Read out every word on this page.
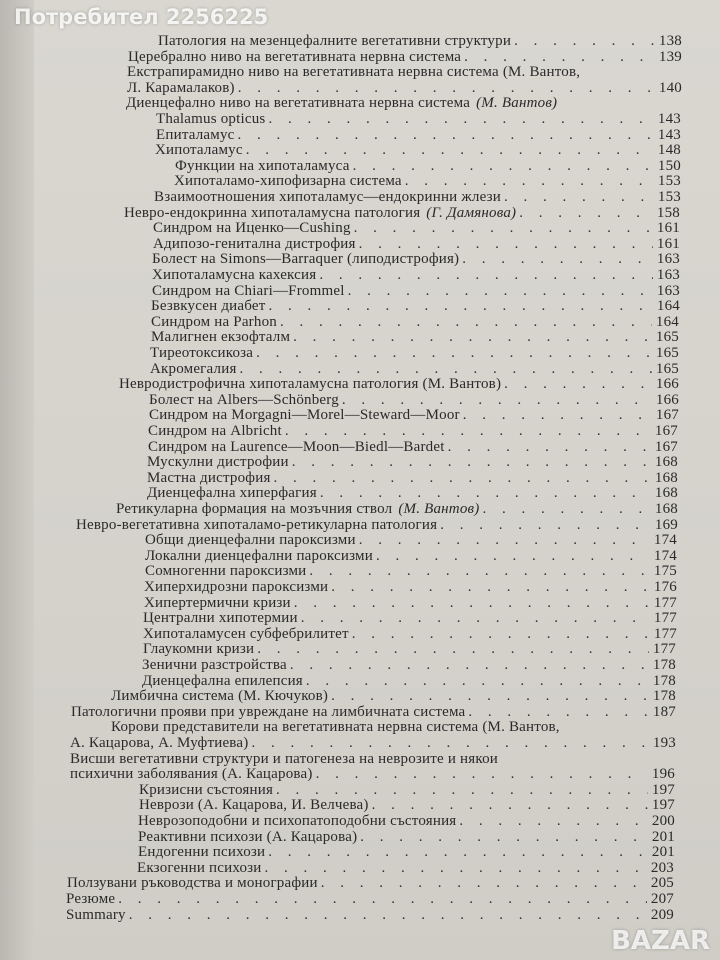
Патология на мезенцефалните вегетативни структури . . .	138
Церебрално ниво на вегетативната нервна система . . .	139
Екстрапирамидно ниво на вегетативната нервна система (М. Вантов,
Л. Карамалаков) . . .	140
Диенцефално ниво на вегетативната нервна система (М. Вантов)
Thalamus opticus . . .	143
Епиталамус . . .	143
Хипоталамус . . .	148
Функции на хипоталамуса . . .	150
Хипоталамо-хипофизарна система . . .	153
Взаимоотношения хипоталамус—ендокринни жлези . . .	153
Невро-ендокринна хипоталамусна патология (Г. Дамянова) . . .	158
Синдром на Иценко—Cushing . . .	161
Адипозо-генитална дистрофия . . .	161
Болест на Simons—Barraquer (липодистрофия) . . .	163
Хипоталамусна кахексия . . .	163
Синдром на Chiari—Frommel . . .	163
Безвкусен диабет . . .	164
Синдром на Parhon . . .	164
Малигнен екзофталм . . .	165
Тиреотоксикоза . . .	165
Акромегалия . . .	165
Невродистрофична хипоталамусна патология (М. Вантов) . . .	166
Болест на Albers—Schönberg . . .	166
Синдром на Morgagni—Morel—Steward—Moor . . .	167
Синдром на Albricht . . .	167
Синдром на Laurence—Moon—Biedl—Bardet . . .	167
Мускулни дистрофии . . .	168
Мастна дистрофия . . .	168
Диенцефална хиперфагия . . .	168
Ретикуларна формация на мозъчния ствол (М. Вантов) . . .	168
Невро-вегетативна хипоталамо-ретикуларна патология . . .	169
Общи диенцефални пароксизми . . .	174
Локални диенцефални пароксизми . . .	174
Сомногенни пароксизми . . .	175
Хиперхидрозни пароксизми . . .	176
Хипертермични кризи . . .	177
Централни хипотермии . . .	177
Хипоталамусен субфебрилитет . . .	177
Глаукомни кризи . . .	177
Зенични разстройства . . .	178
Диенцефална епилепсия . . .	178
Лимбична система (М. Кючуков) . . .	178
Патологични прояви при увреждане на лимбичната система . . .	187
Корови представители на вегетативната нервна система (М. Вантов,
А. Кацарова, А. Муфтиева) . . .	193
Висши вегетативни структури и патогенеза на неврозите и някои
психични заболявания (А. Кацарова) . . .	196
Кризисни състояния . . .	197
Неврози (А. Кацарова, И. Велчева) . . .	197
Неврозоподобни и психопатоподобни състояния . . .	200
Реактивни психози (А. Кацарова) . . .	201
Ендогенни психози . . .	201
Екзогенни психози . . .	203
Ползувани ръководства и монографии . . .	205
Резюме . . .	207
Summary . . .	209
Потребител 2256225
BAZAR
